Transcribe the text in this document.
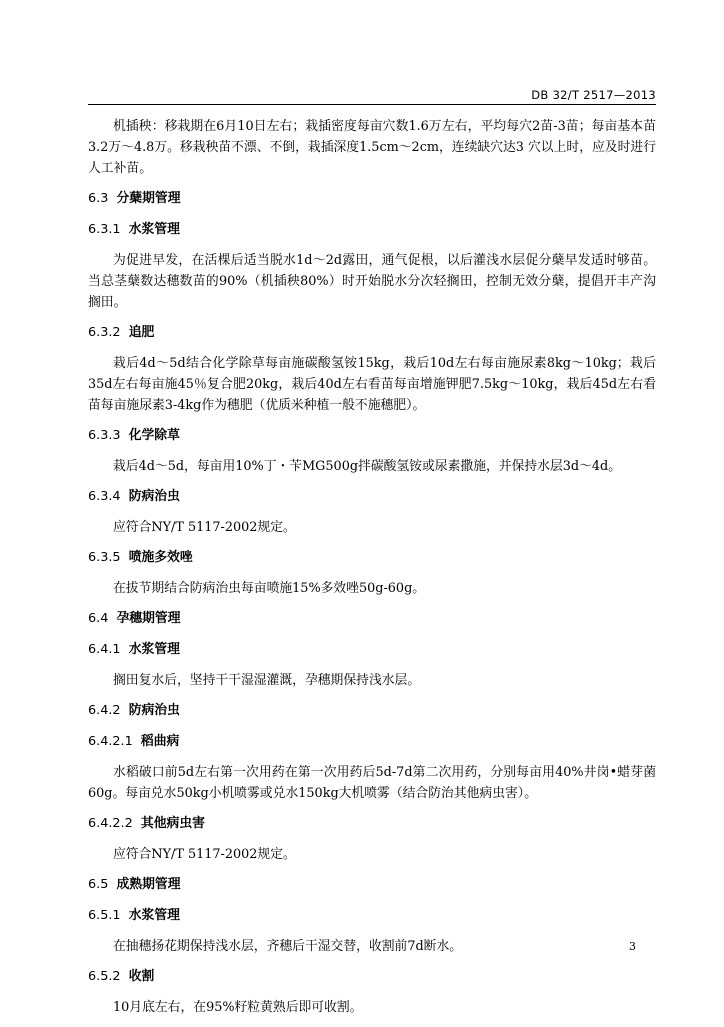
DB 32/T 2517—2013

机插秧：移栽期在6月10日左右；栽插密度每亩穴数1.6万左右，平均每穴2苗-3苗；每亩基本苗3.2万～4.8万。移栽秧苗不漂、不倒，栽插深度1.5cm～2cm，连续缺穴达3 穴以上时，应及时进行人工补苗。

6.3 分蘖期管理
6.3.1 水浆管理

为促进早发，在活棵后适当脱水1d～2d露田，通气促根，以后灌浅水层促分蘖早发适时够苗。当总茎蘖数达穗数苗的90%（机插秧80%）时开始脱水分次轻搁田，控制无效分蘖，提倡开丰产沟搁田。

6.3.2 追肥

栽后4d～5d结合化学除草每亩施碳酸氢铵15kg，栽后10d左右每亩施尿素8kg～10kg；栽后35d左右每亩施45％复合肥20kg，栽后40d左右看苗每亩增施钾肥7.5kg～10kg，栽后45d左右看苗每亩施尿素3-4kg作为穗肥（优质米种植一般不施穗肥）。

6.3.3 化学除草

栽后4d～5d，每亩用10%丁・苄MG500g拌碳酸氢铵或尿素撒施，并保持水层3d～4d。

6.3.4 防病治虫

应符合NY/T 5117-2002规定。

6.3.5 喷施多效唑

在拔节期结合防病治虫每亩喷施15%多效唑50g-60g。

6.4 孕穗期管理
6.4.1 水浆管理

搁田复水后，坚持干干湿湿灌溉，孕穗期保持浅水层。

6.4.2 防病治虫
6.4.2.1 稻曲病

水稻破口前5d左右第一次用药在第一次用药后5d-7d第二次用药，分别每亩用40%井岗•蜡芽菌60g。每亩兑水50kg小机喷雾或兑水150kg大机喷雾（结合防治其他病虫害）。

6.4.2.2 其他病虫害

应符合NY/T 5117-2002规定。

6.5 成熟期管理
6.5.1 水浆管理

在抽穗扬花期保持浅水层，齐穗后干湿交替，收割前7d断水。

6.5.2 收割

10月底左右，在95%籽粒黄熟后即可收割。

3
